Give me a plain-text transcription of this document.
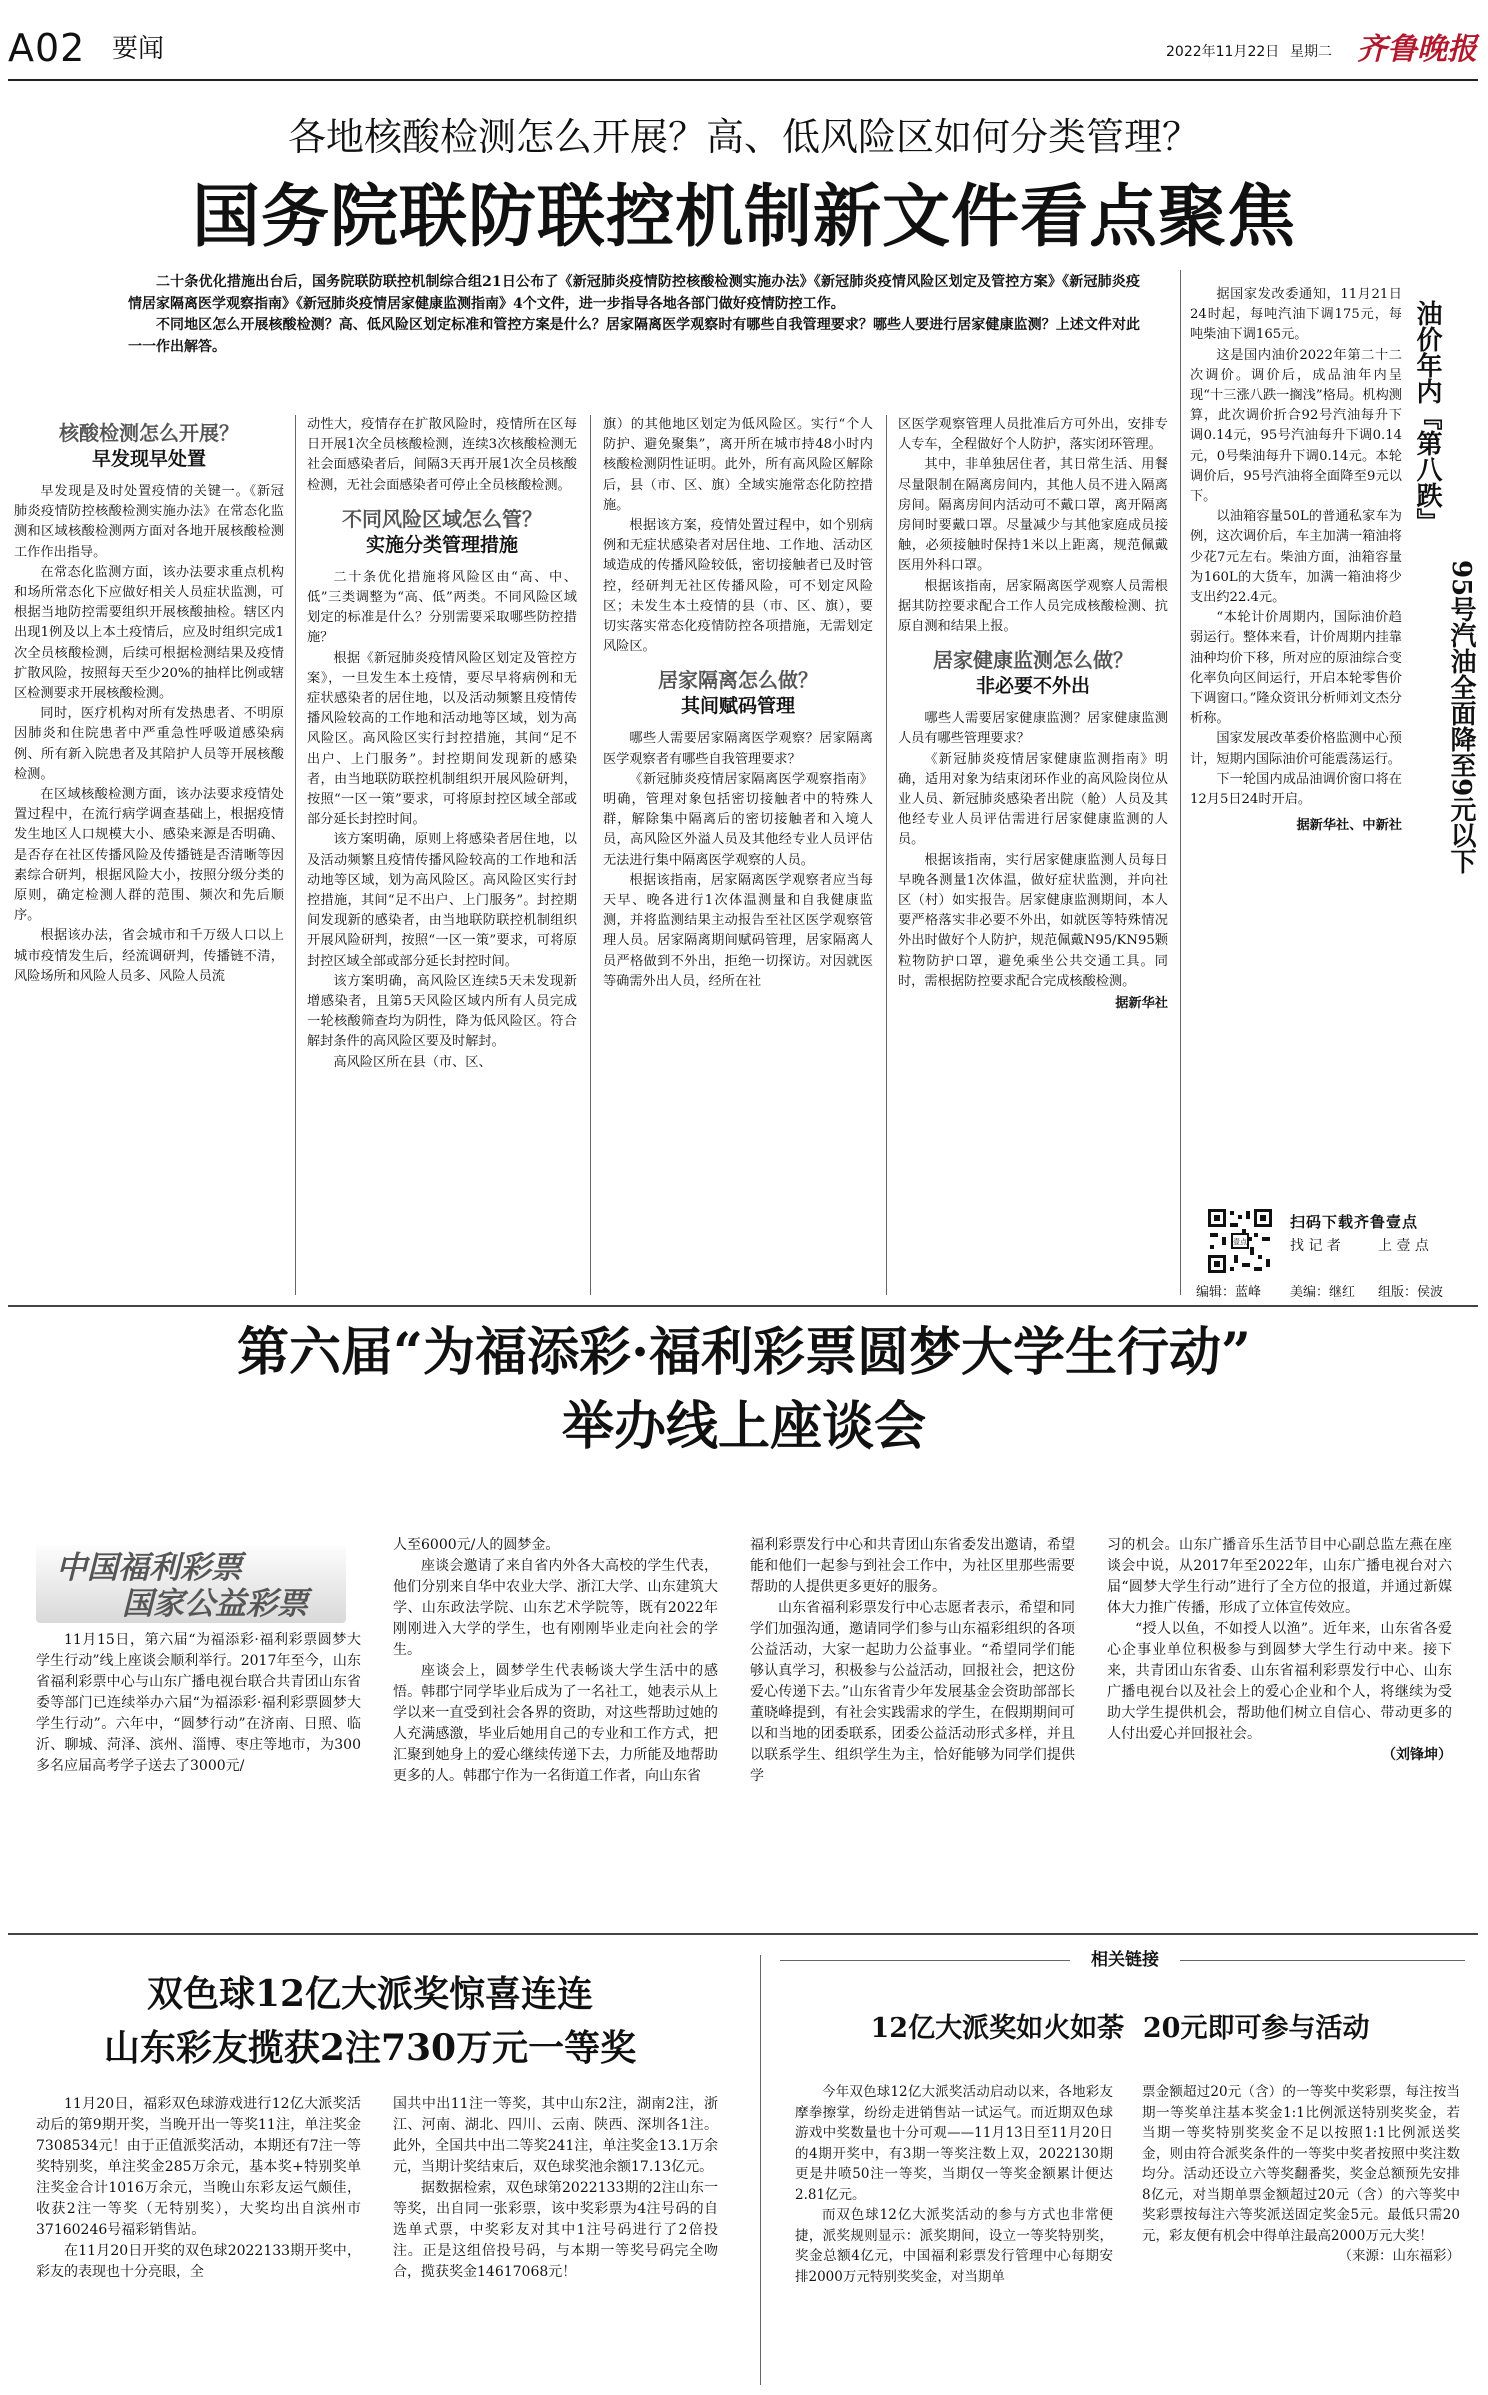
A02 要闻	2022年11月22日 星期二 齐鲁晚报
各地核酸检测怎么开展？高、低风险区如何分类管理？
国务院联防联控机制新文件看点聚焦

二十条优化措施出台后，国务院联防联控机制综合组21日公布了《新冠肺炎疫情防控核酸检测实施办法》《新冠肺炎疫情风险区划定及管控方案》《新冠肺炎疫情居家隔离医学观察指南》《新冠肺炎疫情居家健康监测指南》4个文件，进一步指导各地各部门做好疫情防控工作。

不同地区怎么开展核酸检测？高、低风险区划定标准和管控方案是什么？居家隔离医学观察时有哪些自我管理要求？哪些人要进行居家健康监测？上述文件对此一一作出解答。

核酸检测怎么开展？
早发现早处置

早发现是及时处置疫情的关键一。《新冠肺炎疫情防控核酸检测实施办法》在常态化监测和区域核酸检测两方面对各地开展核酸检测工作作出指导。

在常态化监测方面，该办法要求重点机构和场所常态化下应做好相关人员症状监测，可根据当地防控需要组织开展核酸抽检。辖区内出现1例及以上本土疫情后，应及时组织完成1次全员核酸检测，后续可根据检测结果及疫情扩散风险，按照每天至少20%的抽样比例或辖区检测要求开展核酸检测。

同时，医疗机构对所有发热患者、不明原因肺炎和住院患者中严重急性呼吸道感染病例、所有新入院患者及其陪护人员等开展核酸检测。

在区域核酸检测方面，该办法要求疫情处置过程中，在流行病学调查基础上，根据疫情发生地区人口规模大小、感染来源是否明确、是否存在社区传播风险及传播链是否清晰等因素综合研判，根据风险大小，按照分级分类的原则，确定检测人群的范围、频次和先后顺序。

根据该办法，省会城市和千万级人口以上城市疫情发生后，经流调研判，传播链不清，风险场所和风险人员多、风险人员流

动性大，疫情存在扩散风险时，疫情所在区每日开展1次全员核酸检测，连续3次核酸检测无社会面感染者后，间隔3天再开展1次全员核酸检测，无社会面感染者可停止全员核酸检测。

不同风险区域怎么管？
实施分类管理措施

二十条优化措施将风险区由“高、中、低”三类调整为“高、低”两类。不同风险区域划定的标准是什么？分别需要采取哪些防控措施？

根据《新冠肺炎疫情风险区划定及管控方案》，一旦发生本土疫情，要尽早将病例和无症状感染者的居住地，以及活动频繁且疫情传播风险较高的工作地和活动地等区域，划为高风险区。高风险区实行封控措施，其间“足不出户、上门服务”。封控期间发现新的感染者，由当地联防联控机制组织开展风险研判，按照“一区一策”要求，可将原封控区域全部或部分延长封控时间。

该方案明确，原则上将感染者居住地，以及活动频繁且疫情传播风险较高的工作地和活动地等区域，划为高风险区。高风险区实行封控措施，其间“足不出户、上门服务”。封控期间发现新的感染者，由当地联防联控机制组织开展风险研判，按照“一区一策”要求，可将原封控区域全部或部分延长封控时间。

该方案明确，高风险区连续5天未发现新增感染者，且第5天风险区域内所有人员完成一轮核酸筛查均为阴性，降为低风险区。符合解封条件的高风险区要及时解封。

高风险区所在县（市、区、

旗）的其他地区划定为低风险区。实行“个人防护、避免聚集”，离开所在城市持48小时内核酸检测阴性证明。此外，所有高风险区解除后，县（市、区、旗）全域实施常态化防控措施。

根据该方案，疫情处置过程中，如个别病例和无症状感染者对居住地、工作地、活动区域造成的传播风险较低，密切接触者已及时管控，经研判无社区传播风险，可不划定风险区；未发生本土疫情的县（市、区、旗），要切实落实常态化疫情防控各项措施，无需划定风险区。

居家隔离怎么做？
其间赋码管理

哪些人需要居家隔离医学观察？居家隔离医学观察者有哪些自我管理要求？

《新冠肺炎疫情居家隔离医学观察指南》明确，管理对象包括密切接触者中的特殊人群，解除集中隔离后的密切接触者和入境人员，高风险区外溢人员及其他经专业人员评估无法进行集中隔离医学观察的人员。

根据该指南，居家隔离医学观察者应当每天早、晚各进行1次体温测量和自我健康监测，并将监测结果主动报告至社区医学观察管理人员。居家隔离期间赋码管理，居家隔离人员严格做到不外出，拒绝一切探访。对因就医等确需外出人员，经所在社

区医学观察管理人员批准后方可外出，安排专人专车，全程做好个人防护，落实闭环管理。

其中，非单独居住者，其日常生活、用餐尽量限制在隔离房间内，其他人员不进入隔离房间。隔离房间内活动可不戴口罩，离开隔离房间时要戴口罩。尽量减少与其他家庭成员接触，必须接触时保持1米以上距离，规范佩戴医用外科口罩。

根据该指南，居家隔离医学观察人员需根据其防控要求配合工作人员完成核酸检测、抗原自测和结果上报。

居家健康监测怎么做？
非必要不外出

哪些人需要居家健康监测？居家健康监测人员有哪些管理要求？

《新冠肺炎疫情居家健康监测指南》明确，适用对象为结束闭环作业的高风险岗位从业人员、新冠肺炎感染者出院（舱）人员及其他经专业人员评估需进行居家健康监测的人员。

根据该指南，实行居家健康监测人员每日早晚各测量1次体温，做好症状监测，并向社区（村）如实报告。居家健康监测期间，本人要严格落实非必要不外出，如就医等特殊情况外出时做好个人防护，规范佩戴N95/KN95颗粒物防护口罩，避免乘坐公共交通工具。同时，需根据防控要求配合完成核酸检测。

据新华社

据国家发改委通知，11月21日24时起，每吨汽油下调175元，每吨柴油下调165元。

这是国内油价2022年第二十二次调价。调价后，成品油年内呈现“十三涨八跌一搁浅”格局。机构测算，此次调价折合92号汽油每升下调0.14元，95号汽油每升下调0.14元，0号柴油每升下调0.14元。本轮调价后，95号汽油将全面降至9元以下。

以油箱容量50L的普通私家车为例，这次调价后，车主加满一箱油将少花7元左右。柴油方面，油箱容量为160L的大货车，加满一箱油将少支出约22.4元。

“本轮计价周期内，国际油价趋弱运行。整体来看，计价周期内挂靠油种均价下移，所对应的原油综合变化率负向区间运行，开启本轮零售价下调窗口。”隆众资讯分析师刘文杰分析称。

国家发展改革委价格监测中心预计，短期内国际油价可能震荡运行。

下一轮国内成品油调价窗口将在12月5日24时开启。

据新华社、中新社
油价年内『第八跌』
95号汽油全面降至9元以下
壹点
扫码下载齐鲁壹点
找 记 者	上 壹 点
编辑：蓝峰 美编：继红 组版：侯波
第六届“为福添彩·福利彩票圆梦大学生行动”
举办线上座谈会
中国福利彩票
国家公益彩票

11月15日，第六届“为福添彩·福利彩票圆梦大学生行动”线上座谈会顺利举行。2017年至今，山东省福利彩票中心与山东广播电视台联合共青团山东省委等部门已连续举办六届“为福添彩·福利彩票圆梦大学生行动”。六年中，“圆梦行动”在济南、日照、临沂、聊城、菏泽、滨州、淄博、枣庄等地市，为300多名应届高考学子送去了3000元/

人至6000元/人的圆梦金。

座谈会邀请了来自省内外各大高校的学生代表，他们分别来自华中农业大学、浙江大学、山东建筑大学、山东政法学院、山东艺术学院等，既有2022年刚刚进入大学的学生，也有刚刚毕业走向社会的学生。

座谈会上，圆梦学生代表畅谈大学生活中的感悟。韩郡宁同学毕业后成为了一名社工，她表示从上学以来一直受到社会各界的资助，对这些帮助过她的人充满感激，毕业后她用自己的专业和工作方式，把汇聚到她身上的爱心继续传递下去，力所能及地帮助更多的人。韩郡宁作为一名街道工作者，向山东省

福利彩票发行中心和共青团山东省委发出邀请，希望能和他们一起参与到社会工作中，为社区里那些需要帮助的人提供更多更好的服务。

山东省福利彩票发行中心志愿者表示，希望和同学们加强沟通，邀请同学们参与山东福彩组织的各项公益活动，大家一起助力公益事业。“希望同学们能够认真学习，积极参与公益活动，回报社会，把这份爱心传递下去。”山东省青少年发展基金会资助部部长董晓峰提到，有社会实践需求的学生，在假期期间可以和当地的团委联系，团委公益活动形式多样，并且以联系学生、组织学生为主，恰好能够为同学们提供学

习的机会。山东广播音乐生活节目中心副总监左燕在座谈会中说，从2017年至2022年，山东广播电视台对六届“圆梦大学生行动”进行了全方位的报道，并通过新媒体大力推广传播，形成了立体宣传效应。

“授人以鱼，不如授人以渔”。近年来，山东省各爱心企事业单位积极参与到圆梦大学生行动中来。接下来，共青团山东省委、山东省福利彩票发行中心、山东广播电视台以及社会上的爱心企业和个人，将继续为受助大学生提供机会，帮助他们树立自信心、带动更多的人付出爱心并回报社会。

（刘锋坤）
双色球12亿大派奖惊喜连连
山东彩友揽获2注730万元一等奖

11月20日，福彩双色球游戏进行12亿大派奖活动后的第9期开奖，当晚开出一等奖11注，单注奖金7308534元！由于正值派奖活动，本期还有7注一等奖特别奖，单注奖金285万余元，基本奖+特别奖单注奖金合计1016万余元，当晚山东彩友运气颇佳，收获2注一等奖（无特别奖），大奖均出自滨州市37160246号福彩销售站。

在11月20日开奖的双色球2022133期开奖中，彩友的表现也十分亮眼，全

国共中出11注一等奖，其中山东2注，湖南2注，浙江、河南、湖北、四川、云南、陕西、深圳各1注。此外，全国共中出二等奖241注，单注奖金13.1万余元，当期计奖结束后，双色球奖池余额17.13亿元。

据数据检索，双色球第2022133期的2注山东一等奖，出自同一张彩票，该中奖彩票为4注号码的自选单式票，中奖彩友对其中1注号码进行了2倍投注。正是这组倍投号码，与本期一等奖号码完全吻合，揽获奖金14617068元！

相关链接
12亿大派奖如火如荼  20元即可参与活动

今年双色球12亿大派奖活动启动以来，各地彩友摩拳擦掌，纷纷走进销售站一试运气。而近期双色球游戏中奖数量也十分可观——11月13日至11月20日的4期开奖中，有3期一等奖注数上双，2022130期更是井喷50注一等奖，当期仅一等奖金额累计便达2.81亿元。

而双色球12亿大派奖活动的参与方式也非常便捷，派奖规则显示：派奖期间，设立一等奖特别奖，奖金总额4亿元，中国福利彩票发行管理中心每期安排2000万元特别奖奖金，对当期单

票金额超过20元（含）的一等奖中奖彩票，每注按当期一等奖单注基本奖金1:1比例派送特别奖奖金，若当期一等奖特别奖奖金不足以按照1:1比例派送奖金，则由符合派奖条件的一等奖中奖者按照中奖注数均分。活动还设立六等奖翻番奖，奖金总额预先安排8亿元，对当期单票金额超过20元（含）的六等奖中奖彩票按每注六等奖派送固定奖金5元。最低只需20元，彩友便有机会中得单注最高2000万元大奖！

（来源：山东福彩）
